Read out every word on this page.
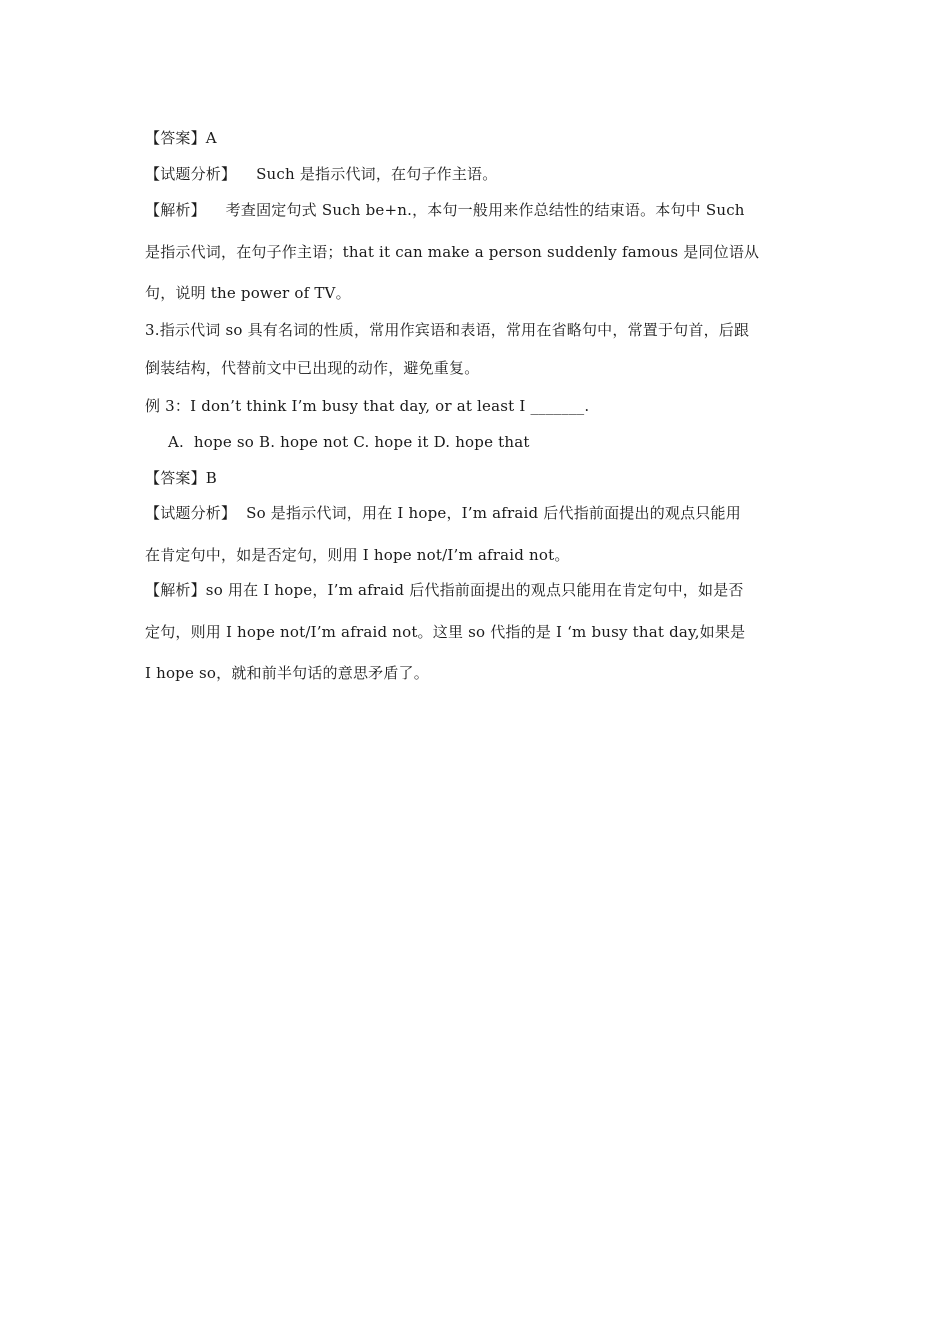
【答案】A
【试题分析】    Such 是指示代词，在句子作主语。
【解析】    考查固定句式 Such be+n.，本句一般用来作总结性的结束语。本句中 Such
是指示代词，在句子作主语；that it can make a person suddenly famous 是同位语从
句，说明 the power of TV。
3.指示代词 so 具有名词的性质，常用作宾语和表语，常用在省略句中，常置于句首，后跟
倒装结构，代替前文中已出现的动作，避免重复。
例 3：I don’t think I’m busy that day, or at least I _______.
A.  hope so B. hope not C. hope it D. hope that
【答案】B
【试题分析】  So 是指示代词，用在 I hope，I’m afraid 后代指前面提出的观点只能用
在肯定句中，如是否定句，则用 I hope not/I’m afraid not。
【解析】so 用在 I hope，I’m afraid 后代指前面提出的观点只能用在肯定句中，如是否
定句，则用 I hope not/I’m afraid not。这里 so 代指的是 I ‘m busy that day,如果是
I hope so，就和前半句话的意思矛盾了。
